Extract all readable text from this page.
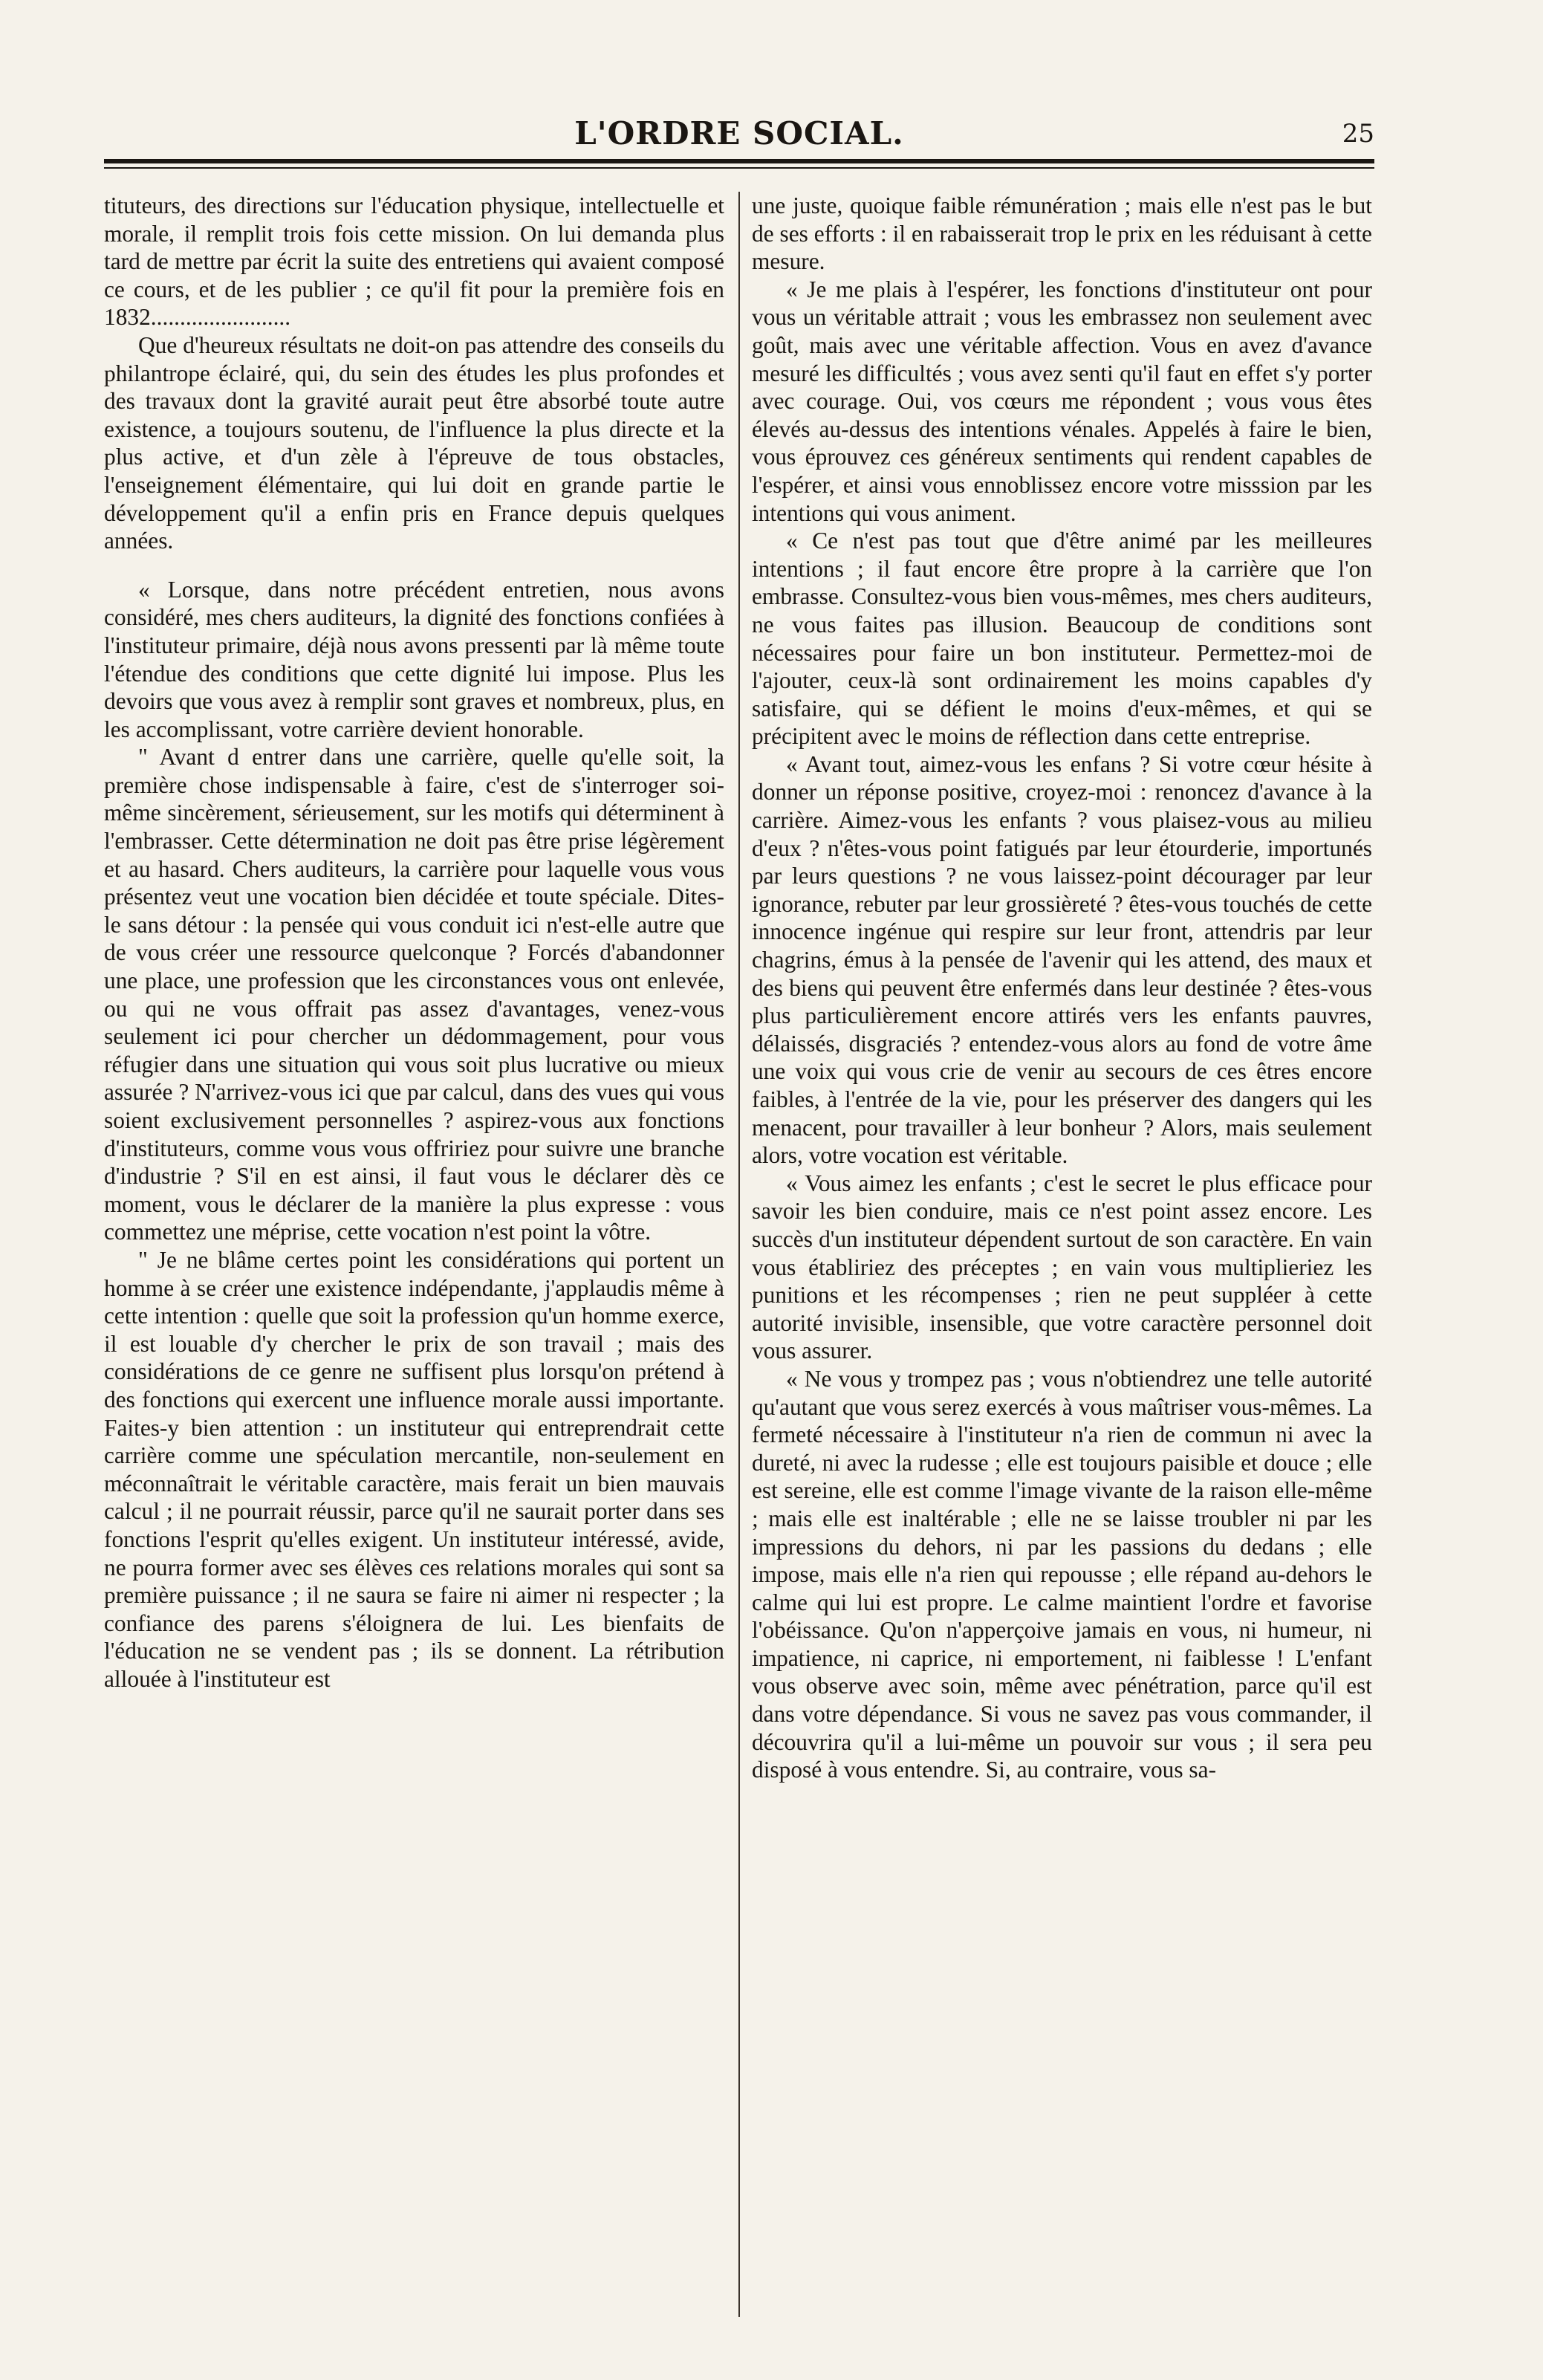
L'ORDRE SOCIAL.	25

tituteurs, des directions sur l'éducation physique, intellectuelle et morale, il remplit trois fois cette mission. On lui demanda plus tard de mettre par écrit la suite des entretiens qui avaient composé ce cours, et de les publier ; ce qu'il fit pour la première fois en 1832........................

Que d'heureux résultats ne doit-on pas attendre des conseils du philantrope éclairé, qui, du sein des études les plus profondes et des travaux dont la gravité aurait peut être absorbé toute autre existence, a toujours soutenu, de l'influence la plus directe et la plus active, et d'un zèle à l'épreuve de tous obstacles, l'enseignement élémentaire, qui lui doit en grande partie le développement qu'il a enfin pris en France depuis quelques années.

« Lorsque, dans notre précédent entretien, nous avons considéré, mes chers auditeurs, la dignité des fonctions confiées à l'instituteur primaire, déjà nous avons pressenti par là même toute l'étendue des conditions que cette dignité lui impose. Plus les devoirs que vous avez à remplir sont graves et nombreux, plus, en les accomplissant, votre carrière devient honorable.

" Avant d entrer dans une carrière, quelle qu'elle soit, la première chose indispensable à faire, c'est de s'interroger soi-même sincèrement, sérieusement, sur les motifs qui déterminent à l'embrasser. Cette détermination ne doit pas être prise légèrement et au hasard. Chers auditeurs, la carrière pour laquelle vous vous présentez veut une vocation bien décidée et toute spéciale. Dites-le sans détour : la pensée qui vous conduit ici n'est-elle autre que de vous créer une ressource quelconque ? Forcés d'abandonner une place, une profession que les circonstances vous ont enlevée, ou qui ne vous offrait pas assez d'avantages, venez-vous seulement ici pour chercher un dédommagement, pour vous réfugier dans une situation qui vous soit plus lucrative ou mieux assurée ? N'arrivez-vous ici que par calcul, dans des vues qui vous soient exclusivement personnelles ? aspirez-vous aux fonctions d'instituteurs, comme vous vous offririez pour suivre une branche d'industrie ? S'il en est ainsi, il faut vous le déclarer dès ce moment, vous le déclarer de la manière la plus expresse : vous commettez une méprise, cette vocation n'est point la vôtre.

" Je ne blâme certes point les considérations qui portent un homme à se créer une existence indépendante, j'applaudis même à cette intention : quelle que soit la profession qu'un homme exerce, il est louable d'y chercher le prix de son travail ; mais des considérations de ce genre ne suffisent plus lorsqu'on prétend à des fonctions qui exercent une influence morale aussi importante. Faites-y bien attention : un instituteur qui entreprendrait cette carrière comme une spéculation mercantile, non-seulement en méconnaîtrait le véritable caractère, mais ferait un bien mauvais calcul ; il ne pourrait réussir, parce qu'il ne saurait porter dans ses fonctions l'esprit qu'elles exigent. Un instituteur intéressé, avide, ne pourra former avec ses élèves ces relations morales qui sont sa première puissance ; il ne saura se faire ni aimer ni respecter ; la confiance des parens s'éloignera de lui. Les bienfaits de l'éducation ne se vendent pas ; ils se donnent. La rétribution allouée à l'instituteur est

une juste, quoique faible rémunération ; mais elle n'est pas le but de ses efforts : il en rabaisserait trop le prix en les réduisant à cette mesure.

« Je me plais à l'espérer, les fonctions d'instituteur ont pour vous un véritable attrait ; vous les embrassez non seulement avec goût, mais avec une véritable affection. Vous en avez d'avance mesuré les difficultés ; vous avez senti qu'il faut en effet s'y porter avec courage. Oui, vos cœurs me répondent ; vous vous êtes élevés au-dessus des intentions vénales. Appelés à faire le bien, vous éprouvez ces généreux sentiments qui rendent capables de l'espérer, et ainsi vous ennoblissez encore votre misssion par les intentions qui vous animent.

« Ce n'est pas tout que d'être animé par les meilleures intentions ; il faut encore être propre à la carrière que l'on embrasse. Consultez-vous bien vous-mêmes, mes chers auditeurs, ne vous faites pas illusion. Beaucoup de conditions sont nécessaires pour faire un bon instituteur. Permettez-moi de l'ajouter, ceux-là sont ordinairement les moins capables d'y satisfaire, qui se défient le moins d'eux-mêmes, et qui se précipitent avec le moins de réflection dans cette entreprise.

« Avant tout, aimez-vous les enfans ? Si votre cœur hésite à donner un réponse positive, croyez-moi : renoncez d'avance à la carrière. Aimez-vous les enfants ? vous plaisez-vous au milieu d'eux ? n'êtes-vous point fatigués par leur étourderie, importunés par leurs questions ? ne vous laissez-point décourager par leur ignorance, rebuter par leur grossièreté ? êtes-vous touchés de cette innocence ingénue qui respire sur leur front, attendris par leur chagrins, émus à la pensée de l'avenir qui les attend, des maux et des biens qui peuvent être enfermés dans leur destinée ? êtes-vous plus particulièrement encore attirés vers les enfants pauvres, délaissés, disgraciés ? entendez-vous alors au fond de votre âme une voix qui vous crie de venir au secours de ces êtres encore faibles, à l'entrée de la vie, pour les préserver des dangers qui les menacent, pour travailler à leur bonheur ? Alors, mais seulement alors, votre vocation est véritable.

« Vous aimez les enfants ; c'est le secret le plus efficace pour savoir les bien conduire, mais ce n'est point assez encore. Les succès d'un instituteur dépendent surtout de son caractère. En vain vous établiriez des préceptes ; en vain vous multiplieriez les punitions et les récompenses ; rien ne peut suppléer à cette autorité invisible, insensible, que votre caractère personnel doit vous assurer.

« Ne vous y trompez pas ; vous n'obtiendrez une telle autorité qu'autant que vous serez exercés à vous maîtriser vous-mêmes. La fermeté nécessaire à l'instituteur n'a rien de commun ni avec la dureté, ni avec la rudesse ; elle est toujours paisible et douce ; elle est sereine, elle est comme l'image vivante de la raison elle-même ; mais elle est inaltérable ; elle ne se laisse troubler ni par les impressions du dehors, ni par les passions du dedans ; elle impose, mais elle n'a rien qui repousse ; elle répand au-dehors le calme qui lui est propre. Le calme maintient l'ordre et favorise l'obéissance. Qu'on n'apperçoive jamais en vous, ni humeur, ni impatience, ni caprice, ni emportement, ni faiblesse ! L'enfant vous observe avec soin, même avec pénétration, parce qu'il est dans votre dépendance. Si vous ne savez pas vous commander, il découvrira qu'il a lui-même un pouvoir sur vous ; il sera peu disposé à vous entendre. Si, au contraire, vous sa-
